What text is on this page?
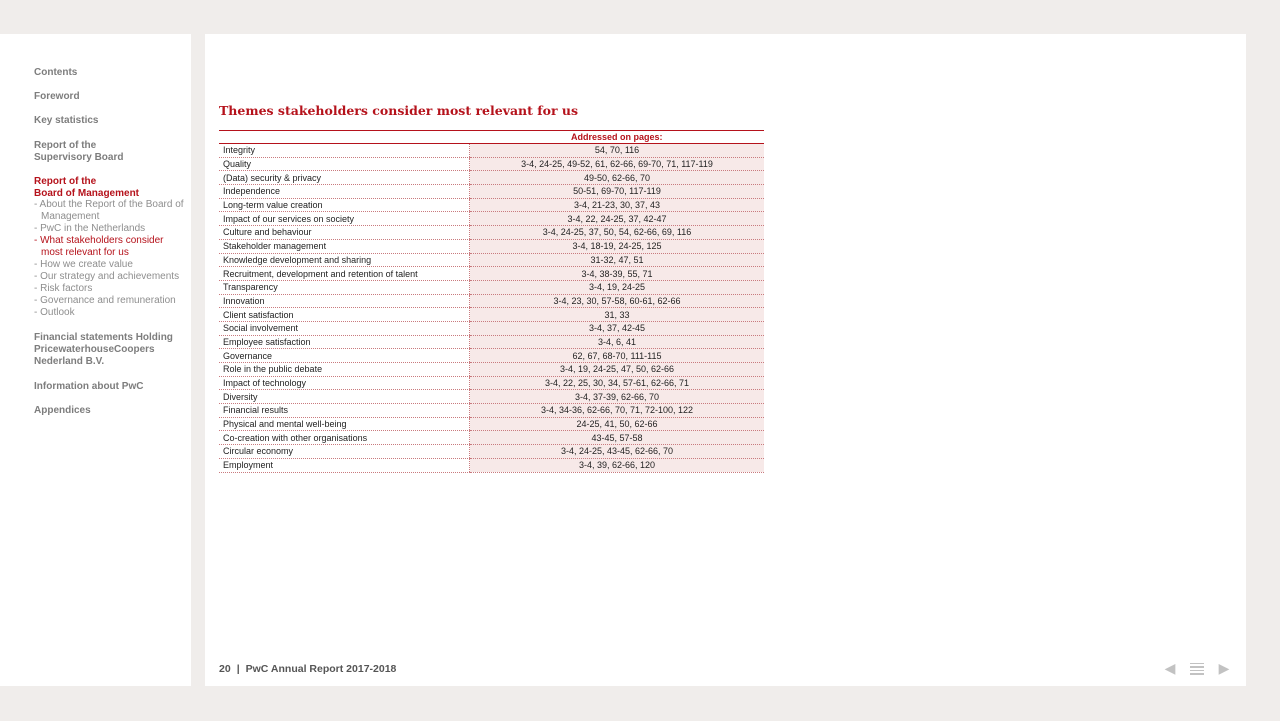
Contents
Foreword
Key statistics
Report of the
Supervisory Board
Report of the
Board of Management
- About the Report of the Board of Management
- PwC in the Netherlands
- What stakeholders consider most relevant for us
- How we create value
- Our strategy and achievements
- Risk factors
- Governance and remuneration
- Outlook
Financial statements Holding
PricewaterhouseCoopers
Nederland B.V.
Information about PwC
Appendices
Themes stakeholders consider most relevant for us
	Addressed on pages:
Integrity	54, 70, 116
Quality	3-4, 24-25, 49-52, 61, 62-66, 69-70, 71, 117-119
(Data) security & privacy	49-50, 62-66, 70
Independence	50-51, 69-70, 117-119
Long-term value creation	3-4, 21-23, 30, 37, 43
Impact of our services on society	3-4, 22, 24-25, 37, 42-47
Culture and behaviour	3-4, 24-25, 37, 50, 54, 62-66, 69, 116
Stakeholder management	3-4, 18-19, 24-25, 125
Knowledge development and sharing	31-32, 47, 51
Recruitment, development and retention of talent	3-4, 38-39, 55, 71
Transparency	3-4, 19, 24-25
Innovation	3-4, 23, 30, 57-58, 60-61, 62-66
Client satisfaction	31, 33
Social involvement	3-4, 37, 42-45
Employee satisfaction	3-4, 6, 41
Governance	62, 67, 68-70, 111-115
Role in the public debate	3-4, 19, 24-25, 47, 50, 62-66
Impact of technology	3-4, 22, 25, 30, 34, 57-61, 62-66, 71
Diversity	3-4, 37-39, 62-66, 70
Financial results	3-4, 34-36, 62-66, 70, 71, 72-100, 122
Physical and mental well-being	24-25, 41, 50, 62-66
Co-creation with other organisations	43-45, 57-58
Circular economy	3-4, 24-25, 43-45, 62-66, 70
Employment	3-4, 39, 62-66, 120
20 | PwC Annual Report 2017-2018	◀	▶
